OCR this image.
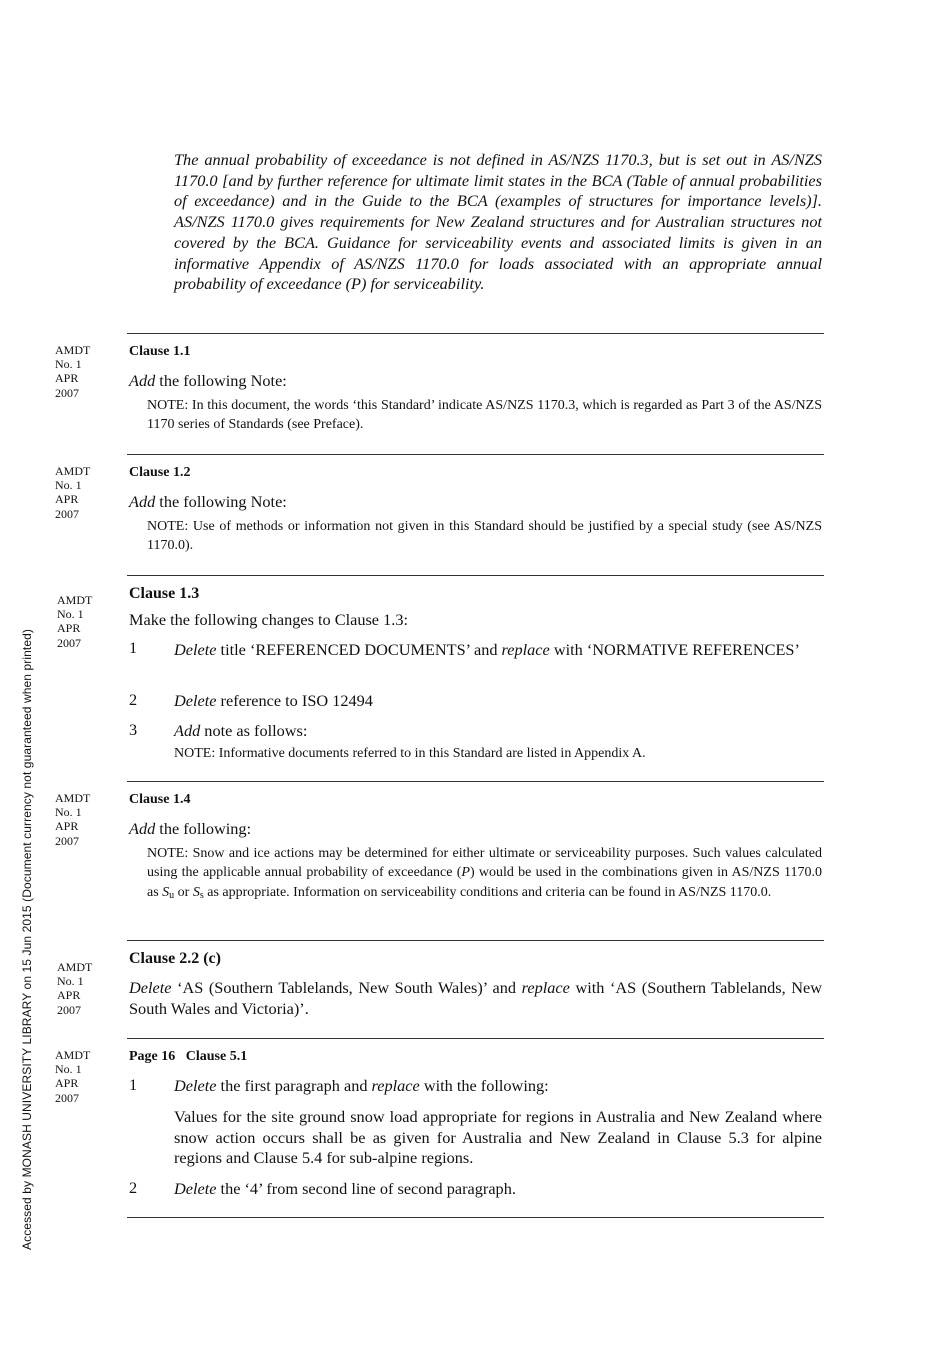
Accessed by MONASH UNIVERSITY LIBRARY on 15 Jun 2015 (Document currency not guaranteed when printed)

The annual probability of exceedance is not defined in AS/NZS 1170.3, but is set out in AS/NZS 1170.0 [and by further reference for ultimate limit states in the BCA (Table of annual probabilities of exceedance) and in the Guide to the BCA (examples of structures for importance levels)]. AS/NZS 1170.0 gives requirements for New Zealand structures and for Australian structures not covered by the BCA. Guidance for serviceability events and associated limits is given in an informative Appendix of AS/NZS 1170.0 for loads associated with an appropriate annual probability of exceedance (P) for serviceability.

AMDT
No. 1
APR
2007
Clause 1.1

Add the following Note:

NOTE: In this document, the words ‘this Standard’ indicate AS/NZS 1170.3, which is regarded as Part 3 of the AS/NZS 1170 series of Standards (see Preface).

AMDT
No. 1
APR
2007
Clause 1.2

Add the following Note:

NOTE: Use of methods or information not given in this Standard should be justified by a special study (see AS/NZS 1170.0).

AMDT
No. 1
APR
2007
Clause 1.3

Make the following changes to Clause 1.3:

1 Delete title ‘REFERENCED DOCUMENTS’ and replace with ‘NORMATIVE REFERENCES’

2 Delete reference to ISO 12494

3 Add note as follows:

NOTE: Informative documents referred to in this Standard are listed in Appendix A.

AMDT
No. 1
APR
2007
Clause 1.4

Add the following:

NOTE: Snow and ice actions may be determined for either ultimate or serviceability purposes. Such values calculated using the applicable annual probability of exceedance (P) would be used in the combinations given in AS/NZS 1170.0 as $S_u$ or $S_s$ as appropriate. Information on serviceability conditions and criteria can be found in AS/NZS 1170.0.

AMDT
No. 1
APR
2007
Clause 2.2 (c)

Delete ‘AS (Southern Tablelands, New South Wales)’ and replace with ‘AS (Southern Tablelands, New South Wales and Victoria)’.

AMDT
No. 1
APR
2007
Page 16   Clause 5.1
1 Delete the first paragraph and replace with the following:

Values for the site ground snow load appropriate for regions in Australia and New Zealand where snow action occurs shall be as given for Australia and New Zealand in Clause 5.3 for alpine regions and Clause 5.4 for sub-alpine regions.

2 Delete the ‘4’ from second line of second paragraph.
